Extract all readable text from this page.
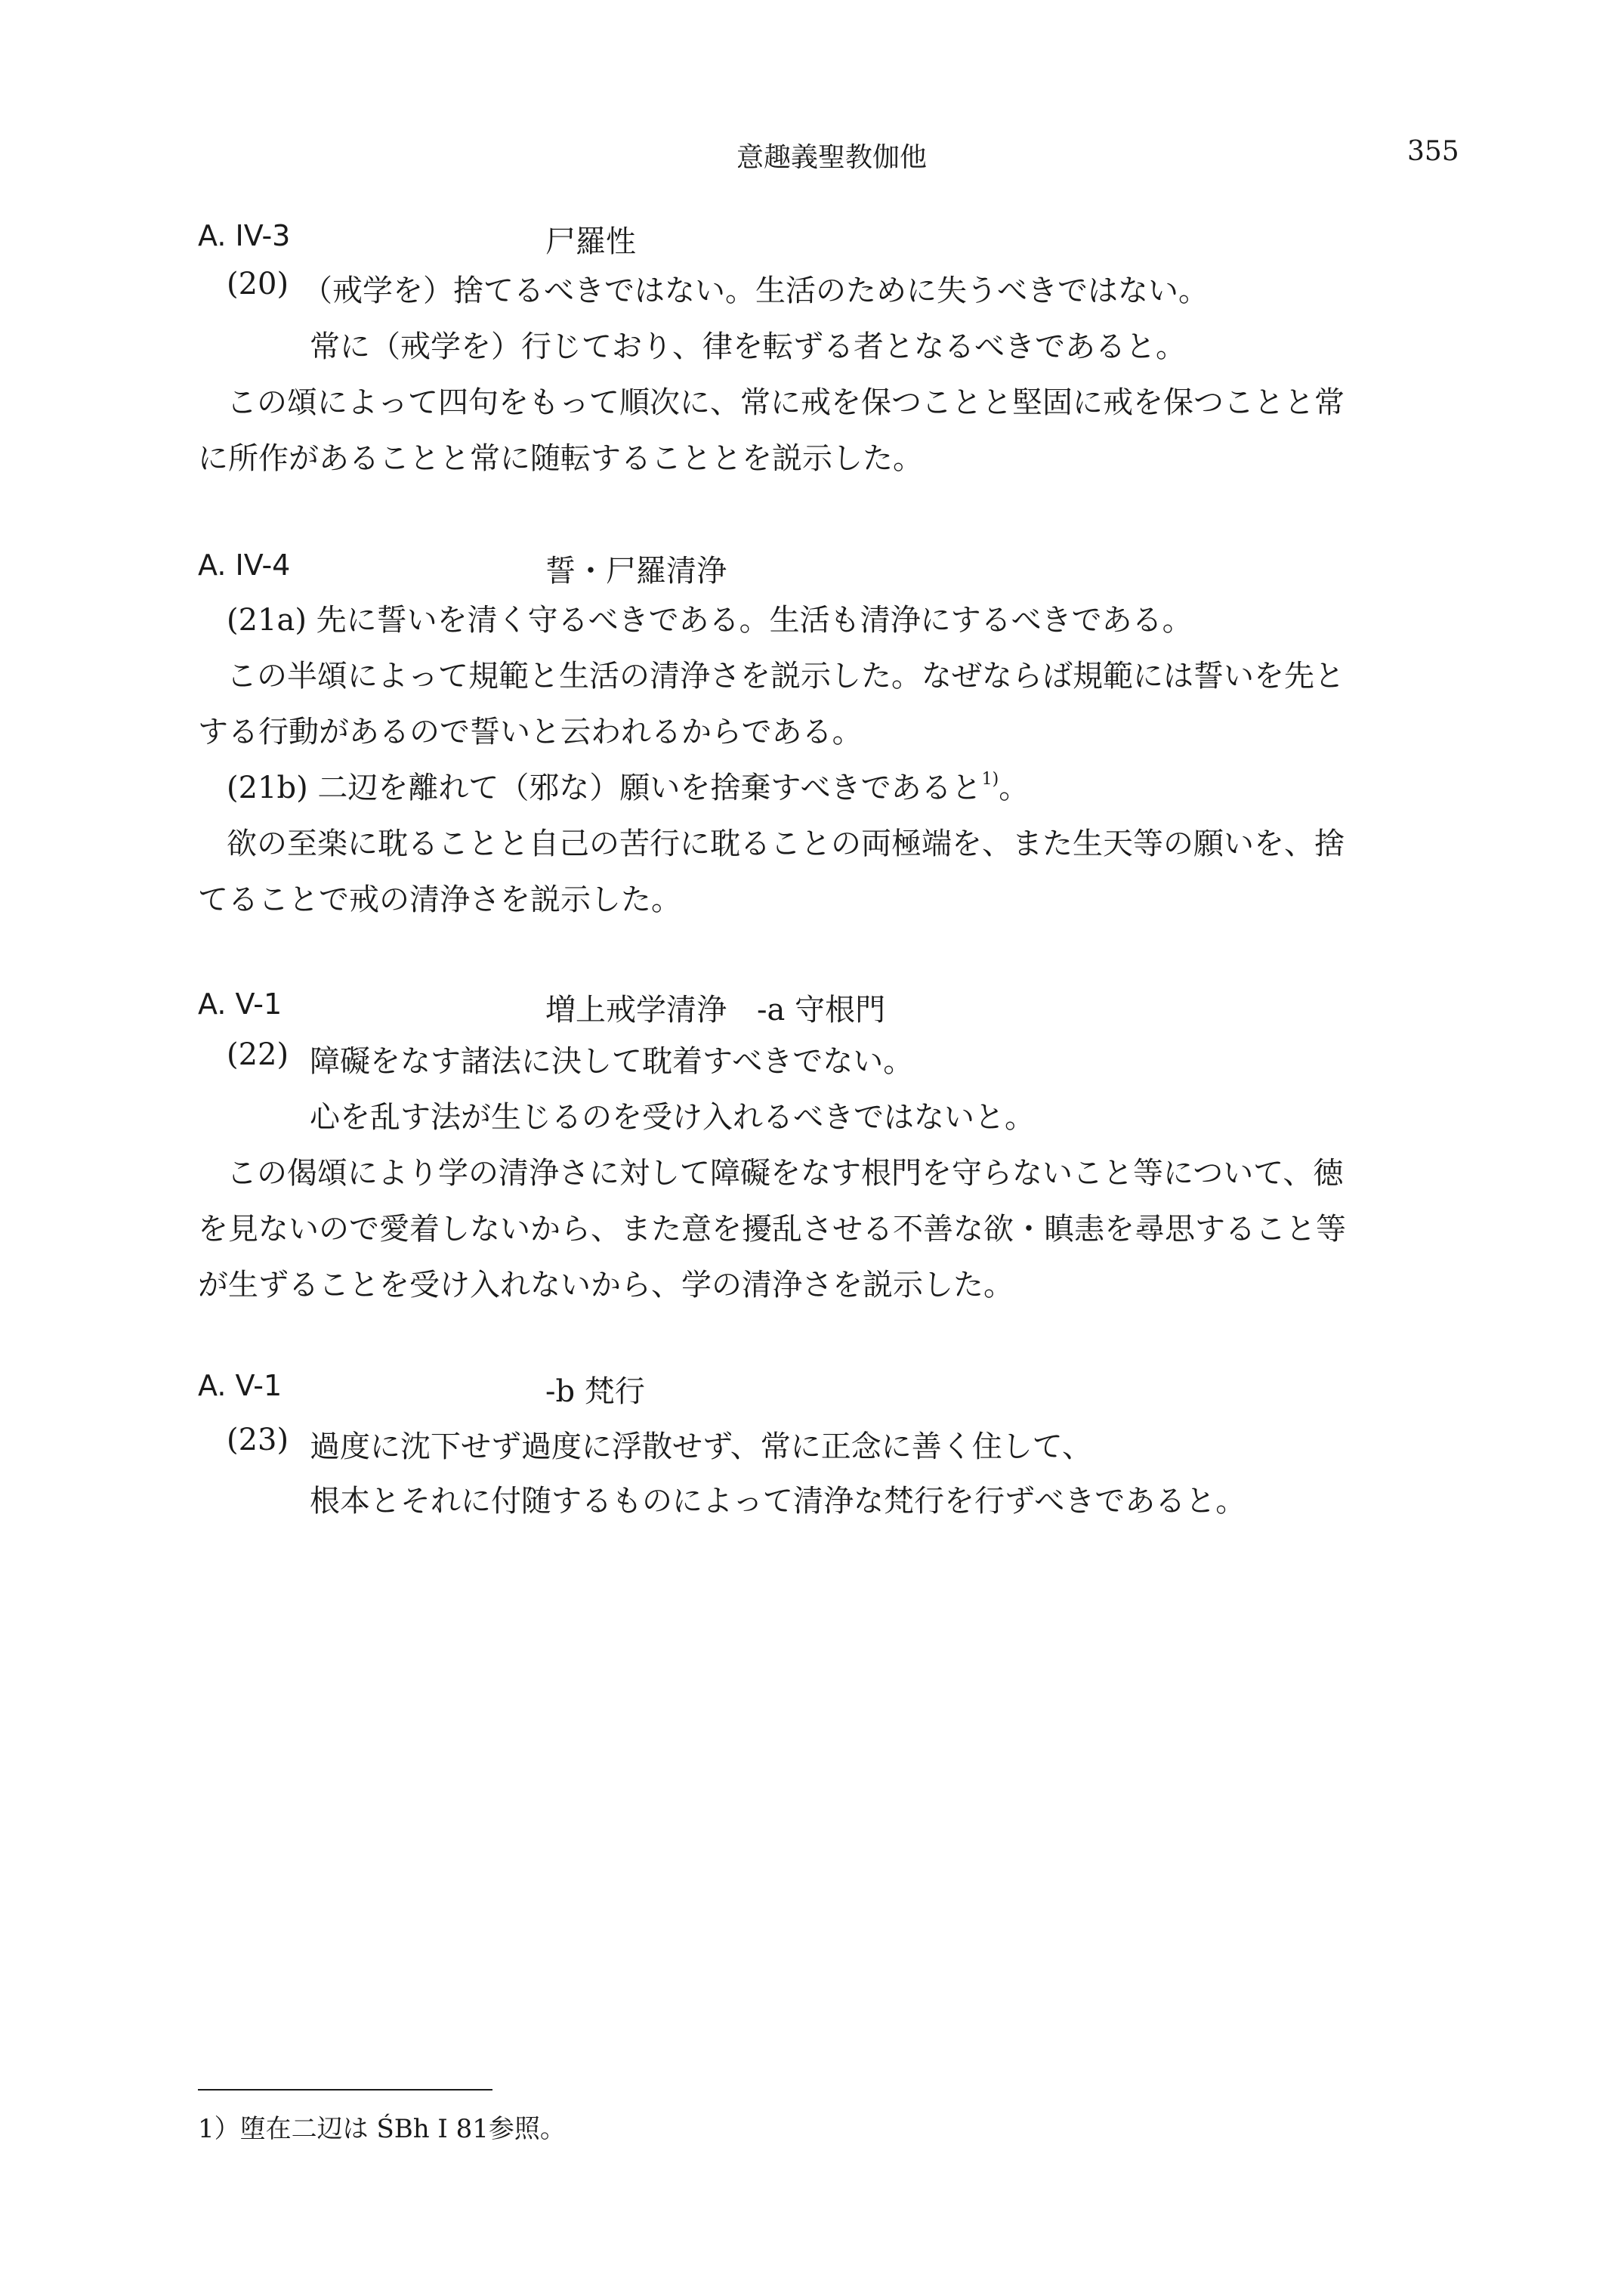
意趣義聖教伽他	355
A. IV-3	尸羅性
(20) （戒学を）捨てるべきではない。生活のために失うべきではない。
常に（戒学を）行じており、律を転ずる者となるべきであると。
この頌によって四句をもって順次に、常に戒を保つことと堅固に戒を保つことと常
に所作があることと常に随転することとを説示した。
A. IV-4	誓・尸羅清浄
(21a) 先に誓いを清く守るべきである。生活も清浄にするべきである。
この半頌によって規範と生活の清浄さを説示した。なぜならば規範には誓いを先と
する行動があるので誓いと云われるからである。
(21b) 二辺を離れて（邪な）願いを捨棄すべきであると$^{1)}$。
欲の至楽に耽ることと自己の苦行に耽ることの両極端を、また生天等の願いを、捨
てることで戒の清浄さを説示した。
A. V-1	増上戒学清浄　-a 守根門
(22) 障礙をなす諸法に決して耽着すべきでない。
心を乱す法が生じるのを受け入れるべきではないと。
この偈頌により学の清浄さに対して障礙をなす根門を守らないこと等について、徳
を見ないので愛着しないから、また意を擾乱させる不善な欲・瞋恚を尋思すること等
が生ずることを受け入れないから、学の清浄さを説示した。
A. V-1	-b 梵行
(23) 過度に沈下せず過度に浮散せず、常に正念に善く住して、
根本とそれに付随するものによって清浄な梵行を行ずべきであると。
1）堕在二辺は ŚBh I 81参照。
